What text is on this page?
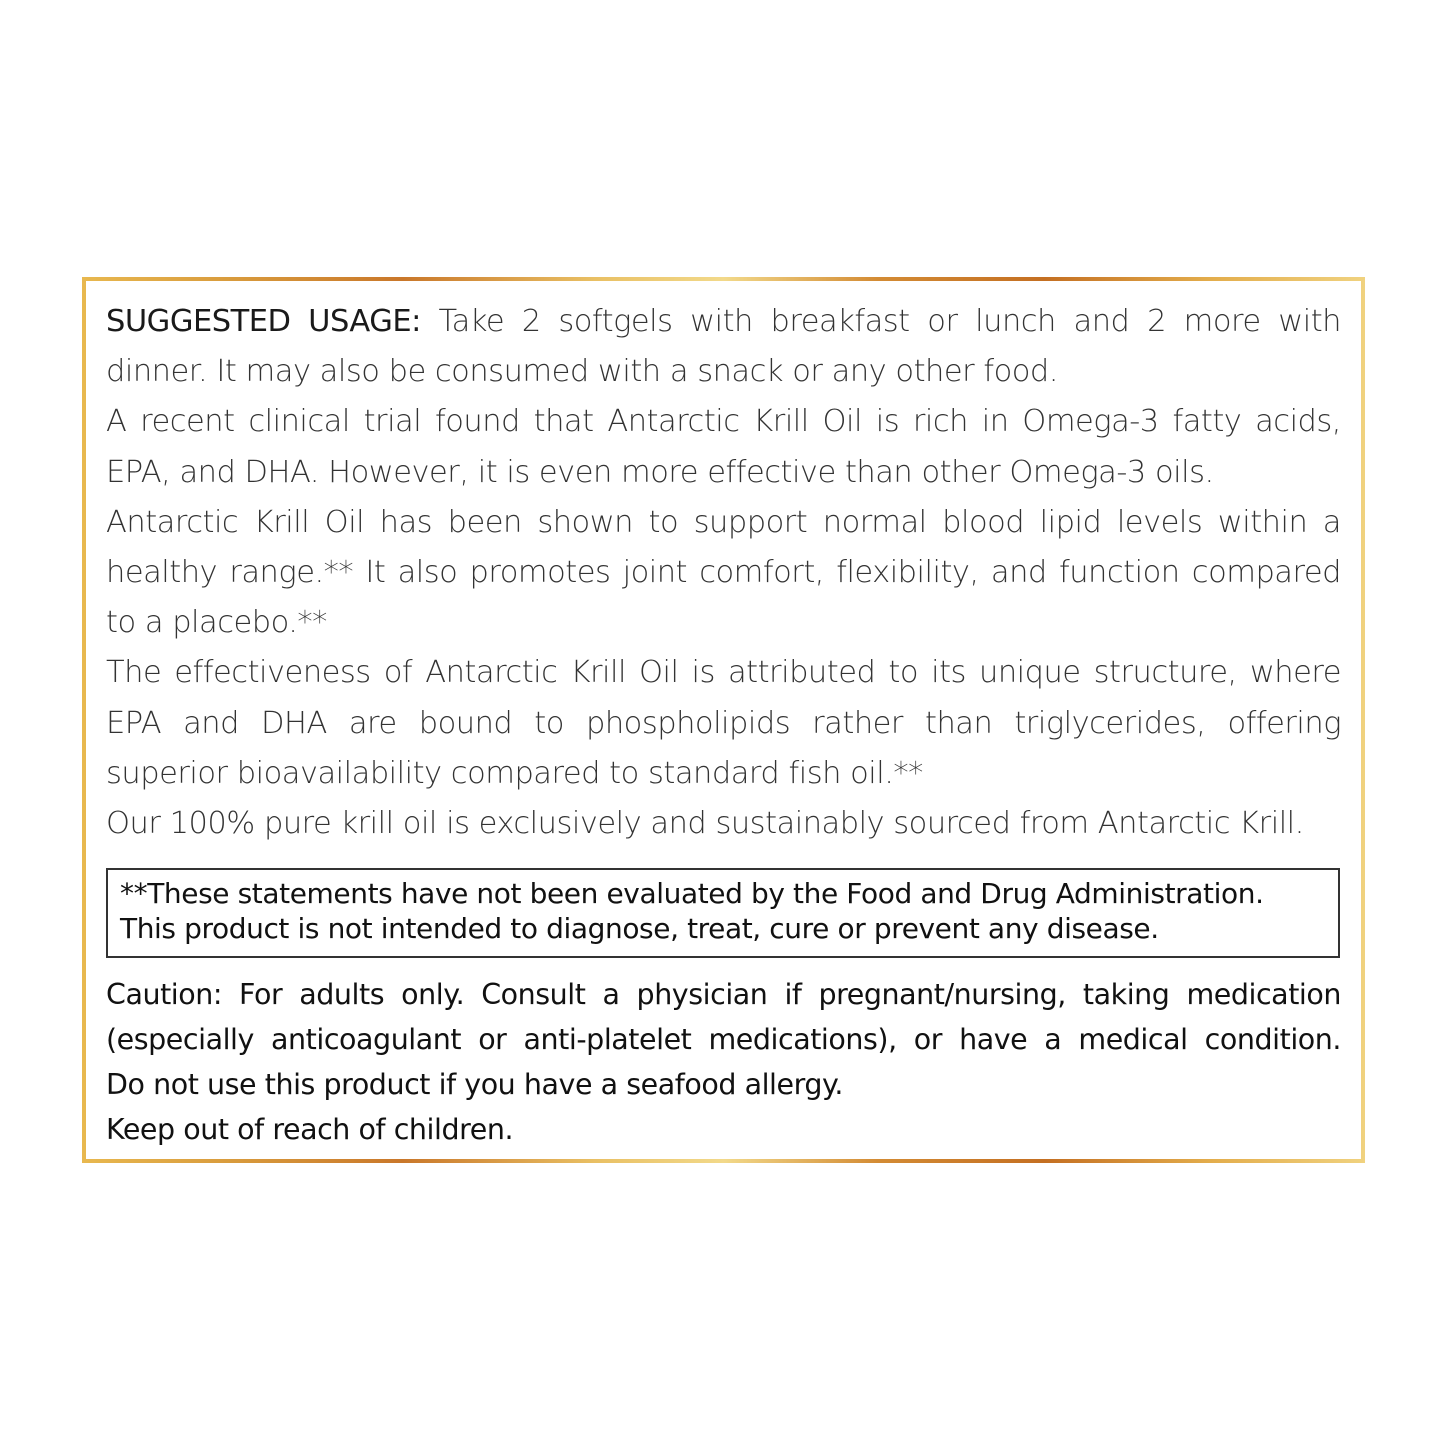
SUGGESTED USAGE: Take 2 softgels with breakfast or lunch and 2 more with dinner. It may also be consumed with a snack or any other food.

A recent clinical trial found that Antarctic Krill Oil is rich in Omega-3 fatty acids, EPA, and DHA. However, it is even more effective than other Omega-3 oils.

Antarctic Krill Oil has been shown to support normal blood lipid levels within a healthy range.** It also promotes joint comfort, flexibility, and function compared to a placebo.**

The effectiveness of Antarctic Krill Oil is attributed to its unique structure, where EPA and DHA are bound to phospholipids rather than triglycerides, offering superior bioavailability compared to standard fish oil.**

Our 100% pure krill oil is exclusively and sustainably sourced from Antarctic Krill.

**These statements have not been evaluated by the Food and Drug Administration.
This product is not intended to diagnose, treat, cure or prevent any disease.
Caution: For adults only. Consult a physician if pregnant/nursing, taking medication
(especially anticoagulant or anti-platelet medications), or have a medical condition.
Do not use this product if you have a seafood allergy.
Keep out of reach of children.
